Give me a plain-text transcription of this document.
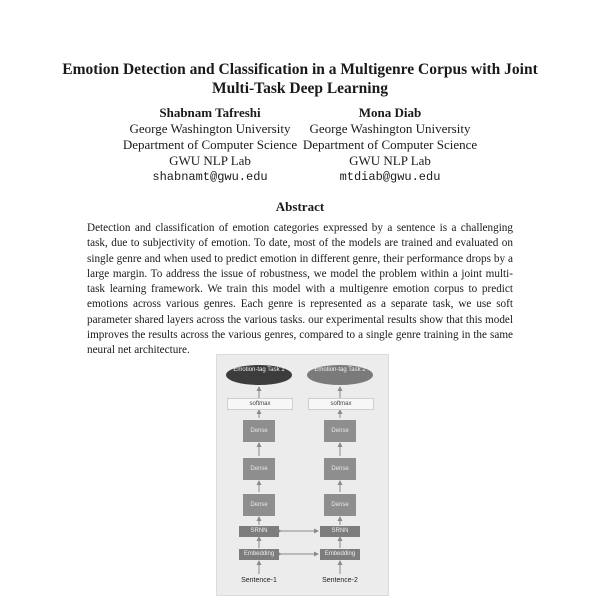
Emotion Detection and Classification in a Multigenre Corpus with Joint
Multi-Task Deep Learning
Shabnam Tafreshi
George Washington University
Department of Computer Science
GWU NLP Lab
shabnamt@gwu.edu
Mona Diab
George Washington University
Department of Computer Science
GWU NLP Lab
mtdiab@gwu.edu
Abstract
Detection and classification of emotion categories expressed by a sentence is a challenging task, due to subjectivity of emotion. To date, most of the models are trained and evaluated on single genre and when used to predict emotion in different genre, their performance drops by a large margin. To address the issue of robustness, we model the problem within a joint multi-task learning framework. We train this model with a multigenre emotion corpus to predict emotions across various genres. Each genre is represented as a separate task, we use soft parameter shared layers across the various tasks. our experimental results show that this model improves the results across the various genres, compared to a single genre training in the same neural net architecture.
Emotion-tag Task 1	Emotion-tag Task 2
softmax	softmax
Dense
Dense
Dense
Dense
Dense
Dense
SRNN	SRNN
Embedding	Embedding
Sentence-1	Sentence-2
